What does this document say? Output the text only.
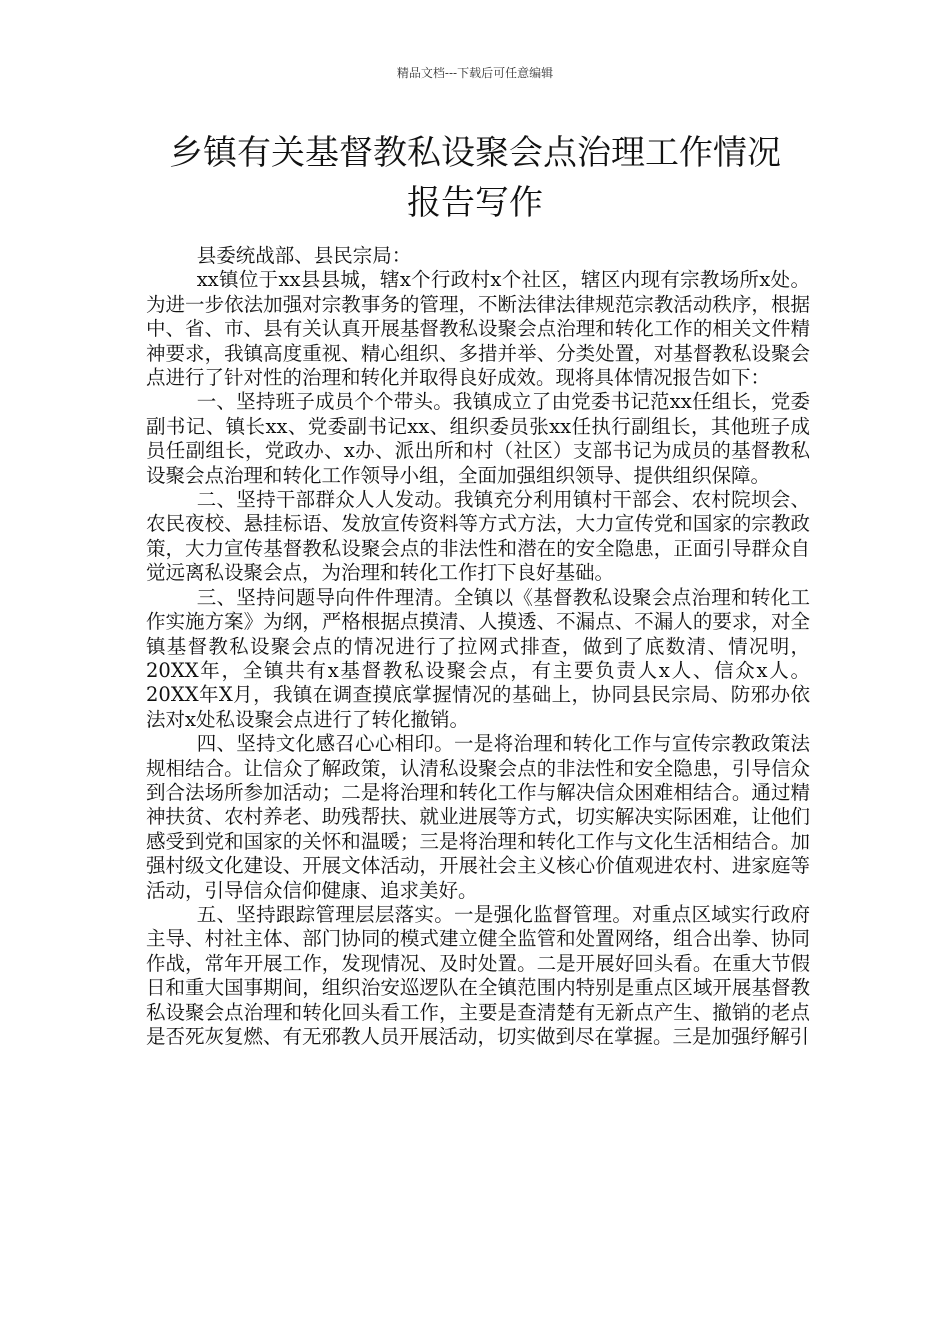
精品文档---下载后可任意编辑
乡镇有关基督教私设聚会点治理工作情况
报告写作

县委统战部、县民宗局：

xx镇位于xx县县城，辖x个行政村x个社区，辖区内现有宗教场所x处。为进一步依法加强对宗教事务的管理，不断法律法律规范宗教活动秩序，根据中、省、市、县有关认真开展基督教私设聚会点治理和转化工作的相关文件精神要求，我镇高度重视、精心组织、多措并举、分类处置，对基督教私设聚会点进行了针对性的治理和转化并取得良好成效。现将具体情况报告如下：

一、坚持班子成员个个带头。我镇成立了由党委书记范xx任组长，党委副书记、镇长xx、党委副书记xx、组织委员张xx任执行副组长，其他班子成员任副组长，党政办、x办、派出所和村（社区）支部书记为成员的基督教私设聚会点治理和转化工作领导小组，全面加强组织领导、提供组织保障。

二、坚持干部群众人人发动。我镇充分利用镇村干部会、农村院坝会、农民夜校、悬挂标语、发放宣传资料等方式方法，大力宣传党和国家的宗教政策，大力宣传基督教私设聚会点的非法性和潜在的安全隐患，正面引导群众自觉远离私设聚会点，为治理和转化工作打下良好基础。

三、坚持问题导向件件理清。全镇以《基督教私设聚会点治理和转化工作实施方案》为纲，严格根据点摸清、人摸透、不漏点、不漏人的要求，对全镇基督教私设聚会点的情况进行了拉网式排查，做到了底数清、情况明，20XX年，全镇共有x基督教私设聚会点，有主要负责人x人、信众x人。20XX年X月，我镇在调查摸底掌握情况的基础上，协同县民宗局、防邪办依法对x处私设聚会点进行了转化撤销。

四、坚持文化感召心心相印。一是将治理和转化工作与宣传宗教政策法规相结合。让信众了解政策，认清私设聚会点的非法性和安全隐患，引导信众到合法场所参加活动；二是将治理和转化工作与解决信众困难相结合。通过精神扶贫、农村养老、助残帮扶、就业进展等方式，切实解决实际困难，让他们感受到党和国家的关怀和温暖；三是将治理和转化工作与文化生活相结合。加强村级文化建设、开展文体活动，开展社会主义核心价值观进农村、进家庭等活动，引导信众信仰健康、追求美好。

五、坚持跟踪管理层层落实。一是强化监督管理。对重点区域实行政府主导、村社主体、部门协同的模式建立健全监管和处置网络，组合出拳、协同作战，常年开展工作，发现情况、及时处置。二是开展好回头看。在重大节假日和重大国事期间，组织治安巡逻队在全镇范围内特别是重点区域开展基督教私设聚会点治理和转化回头看工作，主要是查清楚有无新点产生、撤销的老点是否死灰复燃、有无邪教人员开展活动，切实做到尽在掌握。三是加强纾解引
